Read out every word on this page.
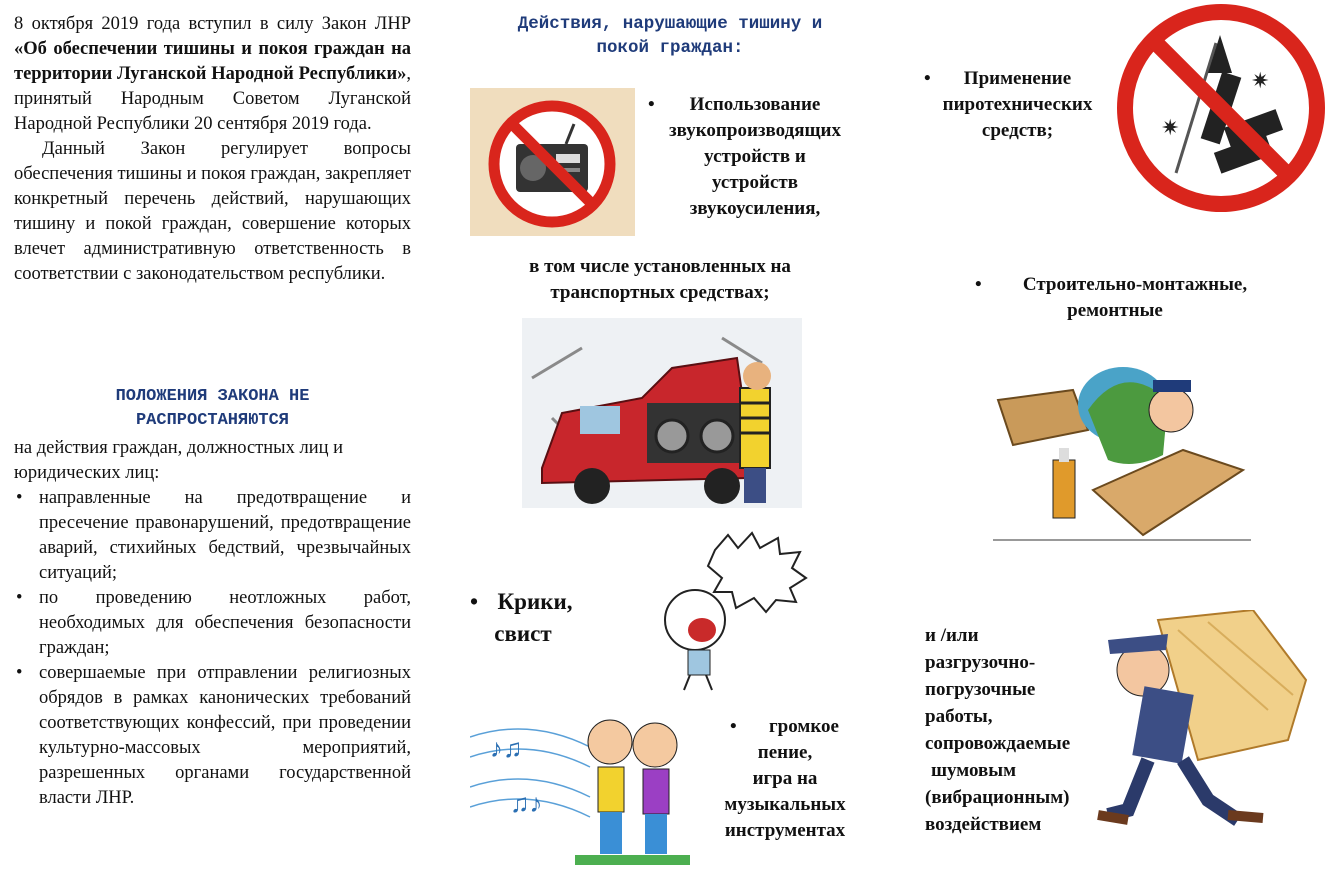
8 октября 2019 года вступил в силу Закон ЛНР «Об обеспечении тишины и покоя граждан на территории Луганской Народной Республики», принятый Народным Советом Луганской Народной Республики 20 сентября 2019 года.

Данный Закон регулирует вопросы обеспечения тишины и покоя граждан, закрепляет конкретный перечень действий, нарушающих тишину и покой граждан, совершение которых влечет административную ответственность в соответствии с законодательством республики.

ПОЛОЖЕНИЯ ЗАКОНА НЕ
РАСПРОСТАНЯЮТСЯ

на действия граждан, должностных лиц и юридических лиц:

• направленные на предотвращение и пресечение правонарушений, предотвращение аварий, стихийных бедствий, чрезвычайных ситуаций;
• по проведению неотложных работ, необходимых для обеспечения безопасности граждан;
• совершаемые при отправлении религиозных обрядов в рамках канонических требований соответствующих конфессий, при проведении культурно-массовых мероприятий, разрешенных органами государственной власти ЛНР.
Действия, нарушающие тишину и
покой граждан:
• Использование
звукопроизводящих
устройств и
устройств
звукоусиления,
в том числе установленных на
транспортных средствах;
• Крики,
свист
♪♫
♫♪
• громкое
пение,
игра на
музыкальных
инструментах
• Применение
пиротехнических
средств;
✷
✷
• Строительно-монтажные,
ремонтные
и /или
разгрузочно-
погрузочные
работы,
сопровождаемые
шумовым
(вибрационным)
воздействием
